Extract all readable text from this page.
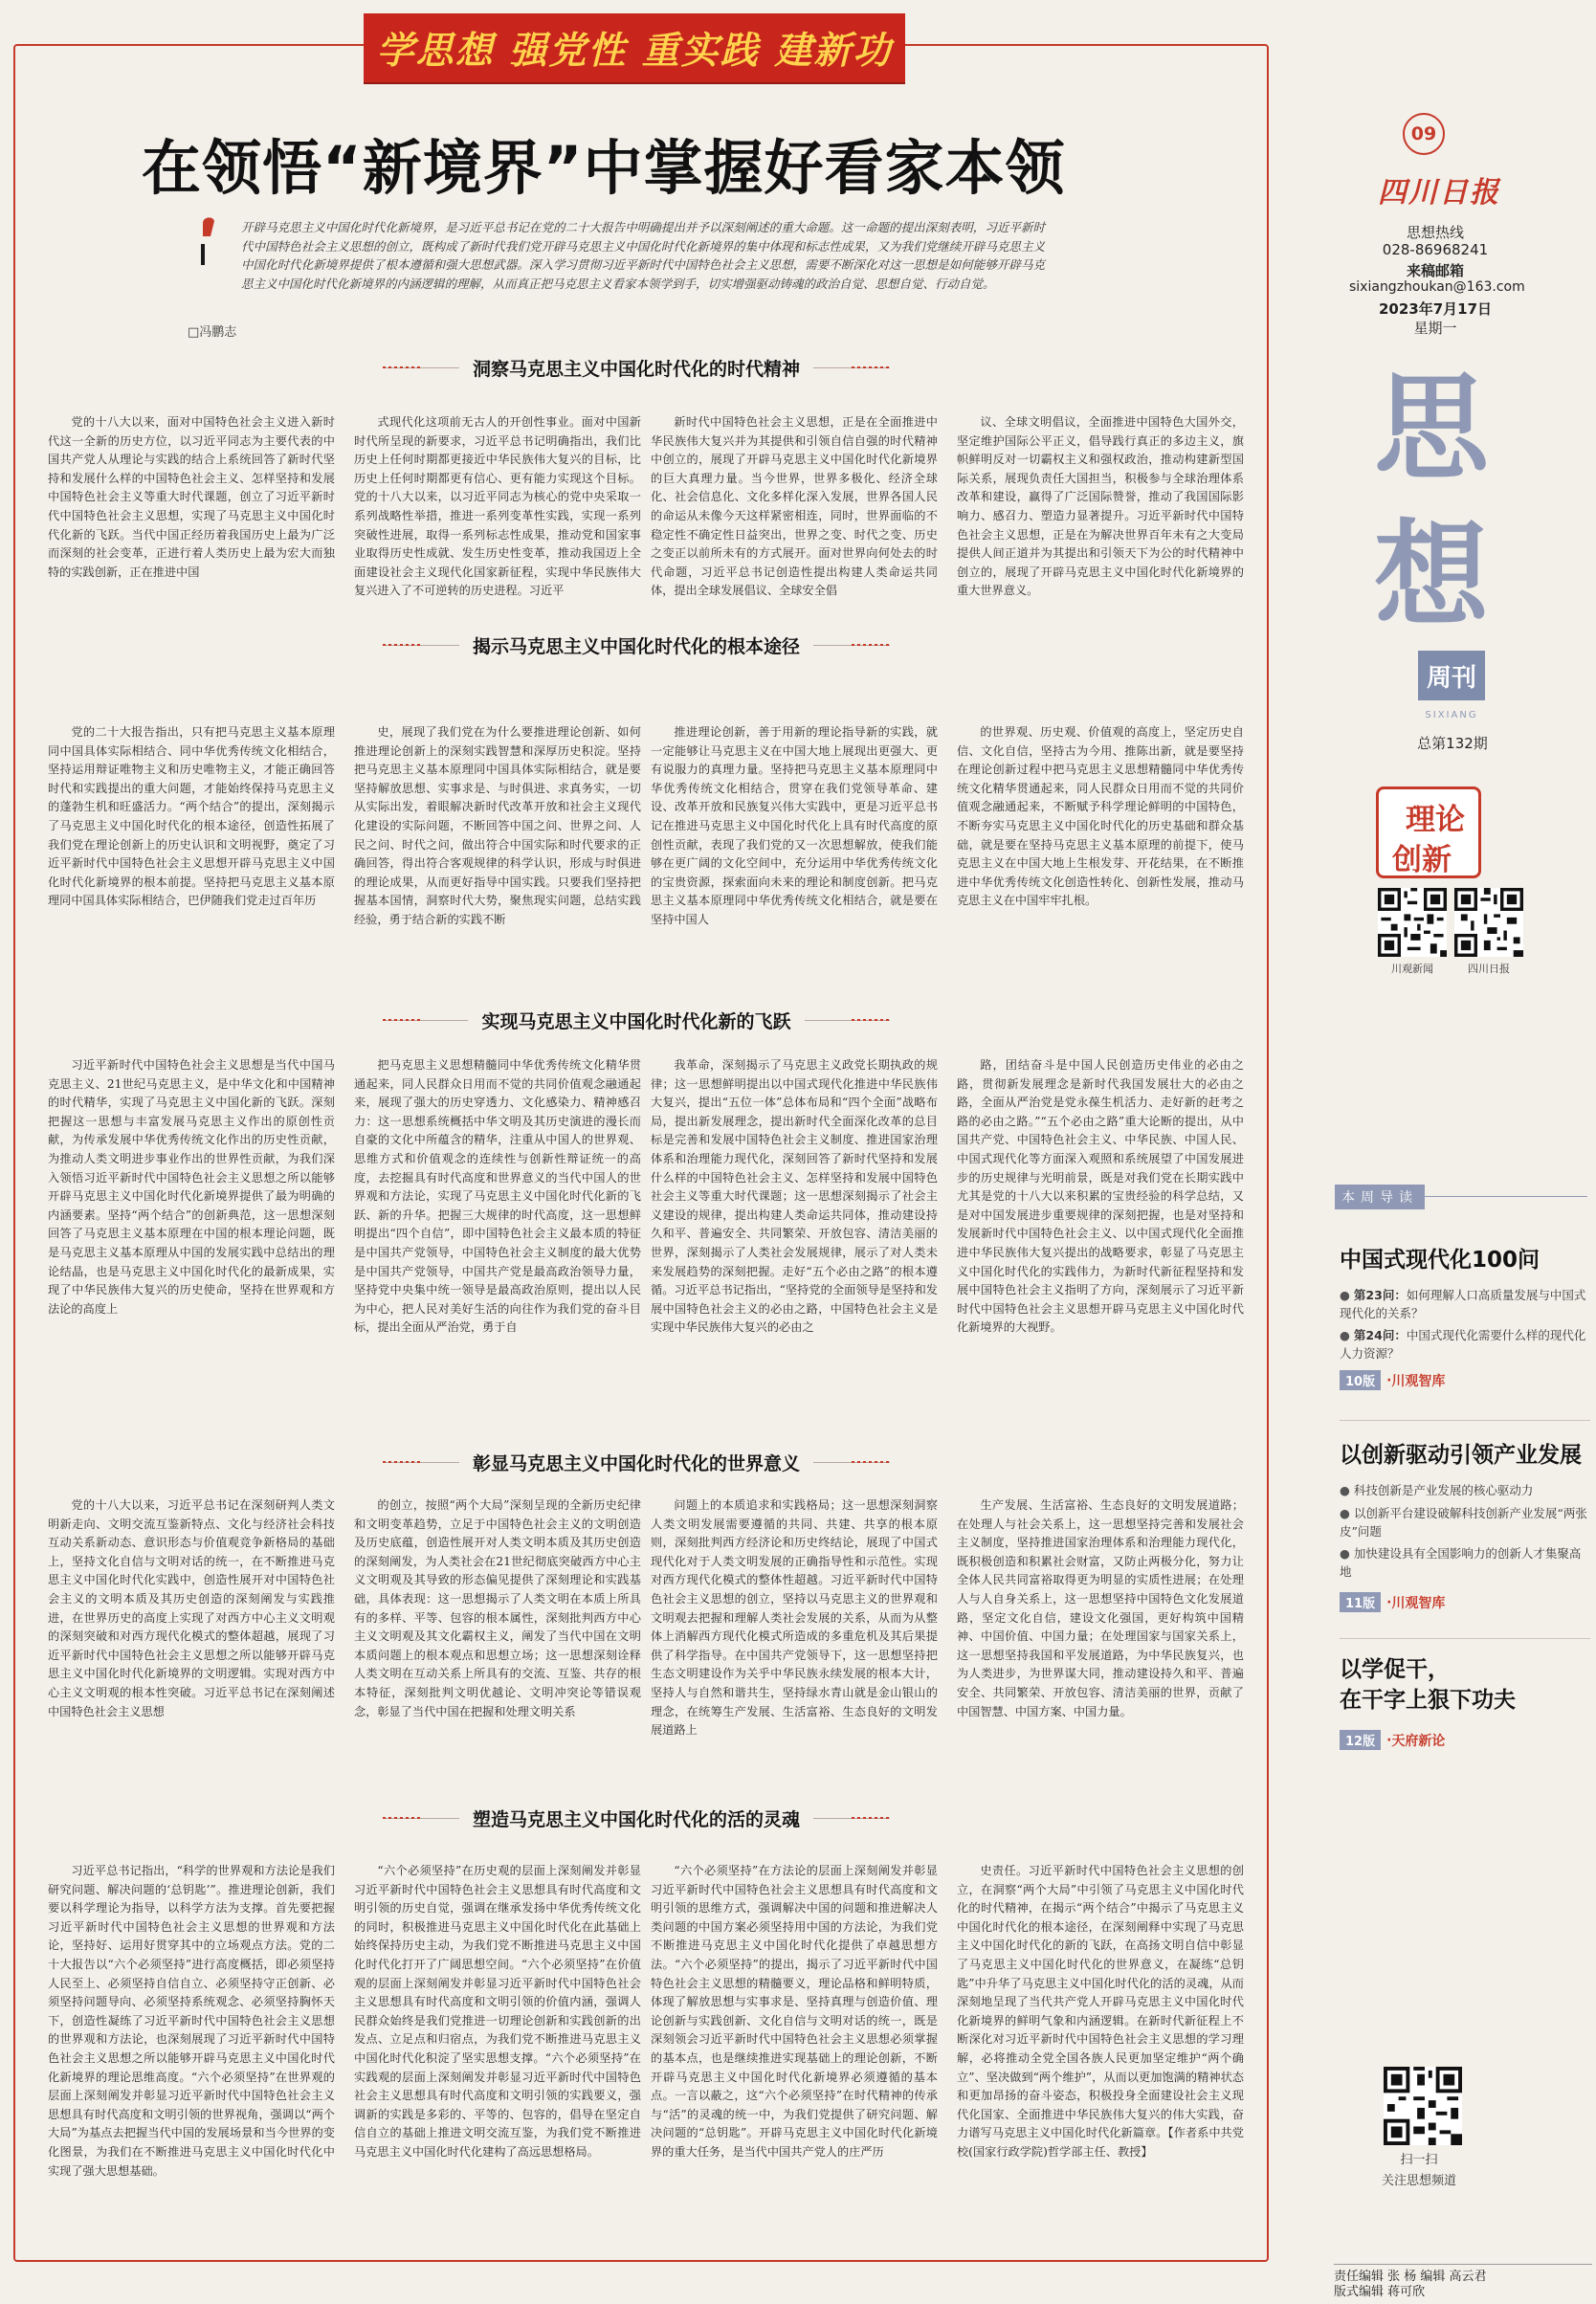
学思想 强党性 重实践 建新功
在领悟“新境界”中掌握好看家本领
开辟马克思主义中国化时代化新境界，是习近平总书记在党的二十大报告中明确提出并予以深刻阐述的重大命题。这一命题的提出深刻表明，习近平新时代中国特色社会主义思想的创立，既构成了新时代我们党开辟马克思主义中国化时代化新境界的集中体现和标志性成果，又为我们党继续开辟马克思主义中国化时代化新境界提供了根本遵循和强大思想武器。深入学习贯彻习近平新时代中国特色社会主义思想，需要不断深化对这一思想是如何能够开辟马克思主义中国化时代化新境界的内涵逻辑的理解，从而真正把马克思主义看家本领学到手，切实增强驱动铸魂的政治自觉、思想自觉、行动自觉。
□冯鹏志
洞察马克思主义中国化时代化的时代精神
党的十八大以来，面对中国特色社会主义进入新时代这一全新的历史方位，以习近平同志为主要代表的中国共产党人从理论与实践的结合上系统回答了新时代坚持和发展什么样的中国特色社会主义、怎样坚持和发展中国特色社会主义等重大时代课题，创立了习近平新时代中国特色社会主义思想，实现了马克思主义中国化时代化新的飞跃。当代中国正经历着我国历史上最为广泛而深刻的社会变革，正进行着人类历史上最为宏大而独特的实践创新，正在推进中国
式现代化这项前无古人的开创性事业。面对中国新时代所呈现的新要求，习近平总书记明确指出，我们比历史上任何时期都更接近中华民族伟大复兴的目标，比历史上任何时期都更有信心、更有能力实现这个目标。党的十八大以来，以习近平同志为核心的党中央采取一系列战略性举措，推进一系列变革性实践，实现一系列突破性进展，取得一系列标志性成果，推动党和国家事业取得历史性成就、发生历史性变革，推动我国迈上全面建设社会主义现代化国家新征程，实现中华民族伟大复兴进入了不可逆转的历史进程。习近平
新时代中国特色社会主义思想，正是在全面推进中华民族伟大复兴并为其提供和引领自信自强的时代精神中创立的，展现了开辟马克思主义中国化时代化新境界的巨大真理力量。当今世界，世界多极化、经济全球化、社会信息化、文化多样化深入发展，世界各国人民的命运从未像今天这样紧密相连，同时，世界面临的不稳定性不确定性日益突出，世界之变、时代之变、历史之变正以前所未有的方式展开。面对世界向何处去的时代命题，习近平总书记创造性提出构建人类命运共同体，提出全球发展倡议、全球安全倡
议、全球文明倡议，全面推进中国特色大国外交，坚定维护国际公平正义，倡导践行真正的多边主义，旗帜鲜明反对一切霸权主义和强权政治，推动构建新型国际关系，展现负责任大国担当，积极参与全球治理体系改革和建设，赢得了广泛国际赞誉，推动了我国国际影响力、感召力、塑造力显著提升。习近平新时代中国特色社会主义思想，正是在为解决世界百年未有之大变局提供人间正道并为其提出和引领天下为公的时代精神中创立的，展现了开辟马克思主义中国化时代化新境界的重大世界意义。
揭示马克思主义中国化时代化的根本途径
党的二十大报告指出，只有把马克思主义基本原理同中国具体实际相结合、同中华优秀传统文化相结合，坚持运用辩证唯物主义和历史唯物主义，才能正确回答时代和实践提出的重大问题，才能始终保持马克思主义的蓬勃生机和旺盛活力。“两个结合”的提出，深刻揭示了马克思主义中国化时代化的根本途径，创造性拓展了我们党在理论创新上的历史认识和文明视野，奠定了习近平新时代中国特色社会主义思想开辟马克思主义中国化时代化新境界的根本前提。坚持把马克思主义基本原理同中国具体实际相结合，巴伊随我们党走过百年历
史，展现了我们党在为什么要推进理论创新、如何推进理论创新上的深刻实践智慧和深厚历史积淀。坚持把马克思主义基本原理同中国具体实际相结合，就是要坚持解放思想、实事求是、与时俱进、求真务实，一切从实际出发，着眼解决新时代改革开放和社会主义现代化建设的实际问题，不断回答中国之问、世界之问、人民之问、时代之问，做出符合中国实际和时代要求的正确回答，得出符合客观规律的科学认识，形成与时俱进的理论成果，从而更好指导中国实践。只要我们坚持把握基本国情，洞察时代大势，聚焦现实问题，总结实践经验，勇于结合新的实践不断
推进理论创新，善于用新的理论指导新的实践，就一定能够让马克思主义在中国大地上展现出更强大、更有说服力的真理力量。坚持把马克思主义基本原理同中华优秀传统文化相结合，贯穿在我们党领导革命、建设、改革开放和民族复兴伟大实践中，更是习近平总书记在推进马克思主义中国化时代化上具有时代高度的原创性贡献，表现了我们党的又一次思想解放，使我们能够在更广阔的文化空间中，充分运用中华优秀传统文化的宝贵资源，探索面向未来的理论和制度创新。把马克思主义基本原理同中华优秀传统文化相结合，就是要在坚持中国人
的世界观、历史观、价值观的高度上，坚定历史自信、文化自信，坚持古为今用、推陈出新，就是要坚持在理论创新过程中把马克思主义思想精髓同中华优秀传统文化精华贯通起来，同人民群众日用而不觉的共同价值观念融通起来，不断赋予科学理论鲜明的中国特色，不断夯实马克思主义中国化时代化的历史基础和群众基础，就是要在坚持马克思主义基本原理的前提下，使马克思主义在中国大地上生根发芽、开花结果，在不断推进中华优秀传统文化创造性转化、创新性发展，推动马克思主义在中国牢牢扎根。
实现马克思主义中国化时代化新的飞跃
习近平新时代中国特色社会主义思想是当代中国马克思主义、21世纪马克思主义，是中华文化和中国精神的时代精华，实现了马克思主义中国化新的飞跃。深刻把握这一思想与丰富发展马克思主义作出的原创性贡献，为传承发展中华优秀传统文化作出的历史性贡献，为推动人类文明进步事业作出的世界性贡献，为我们深入领悟习近平新时代中国特色社会主义思想之所以能够开辟马克思主义中国化时代化新境界提供了最为明确的内涵要素。坚持“两个结合”的创新典范，这一思想深刻回答了马克思主义基本原理在中国的根本理论问题，既是马克思主义基本原理从中国的发展实践中总结出的理论结晶，也是马克思主义中国化时代化的最新成果，实现了中华民族伟大复兴的历史使命，坚持在世界观和方法论的高度上
把马克思主义思想精髓同中华优秀传统文化精华贯通起来，同人民群众日用而不觉的共同价值观念融通起来，展现了强大的历史穿透力、文化感染力、精神感召力：这一思想系统概括中华文明及其历史演进的漫长而自豪的文化中所蕴含的精华，注重从中国人的世界观、思维方式和价值观念的连续性与创新性辩证统一的高度，去挖掘具有时代高度和世界意义的当代中国人的世界观和方法论，实现了马克思主义中国化时代化新的飞跃、新的升华。把握三大规律的时代高度，这一思想鲜明提出“四个自信”，即中国特色社会主义最本质的特征是中国共产党领导，中国特色社会主义制度的最大优势是中国共产党领导，中国共产党是最高政治领导力量，坚持党中央集中统一领导是最高政治原则，提出以人民为中心，把人民对美好生活的向往作为我们党的奋斗目标，提出全面从严治党，勇于自
我革命，深刻揭示了马克思主义政党长期执政的规律；这一思想鲜明提出以中国式现代化推进中华民族伟大复兴，提出“五位一体”总体布局和“四个全面”战略布局，提出新发展理念，提出新时代全面深化改革的总目标是完善和发展中国特色社会主义制度、推进国家治理体系和治理能力现代化，深刻回答了新时代坚持和发展什么样的中国特色社会主义、怎样坚持和发展中国特色社会主义等重大时代课题；这一思想深刻揭示了社会主义建设的规律，提出构建人类命运共同体，推动建设持久和平、普遍安全、共同繁荣、开放包容、清洁美丽的世界，深刻揭示了人类社会发展规律，展示了对人类未来发展趋势的深刻把握。走好“五个必由之路”的根本遵循。习近平总书记指出，“坚持党的全面领导是坚持和发展中国特色社会主义的必由之路，中国特色社会主义是实现中华民族伟大复兴的必由之
路，团结奋斗是中国人民创造历史伟业的必由之路，贯彻新发展理念是新时代我国发展壮大的必由之路，全面从严治党是党永葆生机活力、走好新的赶考之路的必由之路。”“五个必由之路”重大论断的提出，从中国共产党、中国特色社会主义、中华民族、中国人民、中国式现代化等方面深入观照和系统展望了中国发展进步的历史规律与光明前景，既是对我们党在长期实践中尤其是党的十八大以来积累的宝贵经验的科学总结，又是对中国发展进步重要规律的深刻把握，也是对坚持和发展新时代中国特色社会主义、以中国式现代化全面推进中华民族伟大复兴提出的战略要求，彰显了马克思主义中国化时代化的实践伟力，为新时代新征程坚持和发展中国特色社会主义指明了方向，深刻展示了习近平新时代中国特色社会主义思想开辟马克思主义中国化时代化新境界的大视野。
彰显马克思主义中国化时代化的世界意义
党的十八大以来，习近平总书记在深刻研判人类文明新走向、文明交流互鉴新特点、文化与经济社会科技互动关系新动态、意识形态与价值观竞争新格局的基础上，坚持文化自信与文明对话的统一，在不断推进马克思主义中国化时代化实践中，创造性展开对中国特色社会主义的文明本质及其历史创造的深刻阐发与实践推进，在世界历史的高度上实现了对西方中心主义文明观的深刻突破和对西方现代化模式的整体超越，展现了习近平新时代中国特色社会主义思想之所以能够开辟马克思主义中国化时代化新境界的文明逻辑。实现对西方中心主义文明观的根本性突破。习近平总书记在深刻阐述中国特色社会主义思想
的创立，按照“两个大局”深刻呈现的全新历史纪律和文明变革趋势，立足于中国特色社会主义的文明创造及历史底蕴，创造性展开对人类文明本质及其历史创造的深刻阐发，为人类社会在21世纪彻底突破西方中心主义文明观及其导致的形态偏见提供了深刻理论和实践基础，具体表现：这一思想揭示了人类文明在本质上所具有的多样、平等、包容的根本属性，深刻批判西方中心主义文明观及其文化霸权主义，阐发了当代中国在文明本质问题上的根本观点和思想立场；这一思想深刻诠释人类文明在互动关系上所具有的交流、互鉴、共存的根本特征，深刻批判文明优越论、文明冲突论等错误观念，彰显了当代中国在把握和处理文明关系
问题上的本质追求和实践格局；这一思想深刻洞察人类文明发展需要遵循的共同、共建、共享的根本原则，深刻批判西方经济论和历史终结论，展现了中国式现代化对于人类文明发展的正确指导性和示范性。实现对西方现代化模式的整体性超越。习近平新时代中国特色社会主义思想的创立，坚持以马克思主义的世界观和文明观去把握和理解人类社会发展的关系，从而为从整体上消解西方现代化模式所造成的多重危机及其后果提供了科学指导。在中国共产党领导下，这一思想坚持把生态文明建设作为关乎中华民族永续发展的根本大计，坚持人与自然和谐共生，坚持绿水青山就是金山银山的理念，在统筹生产发展、生活富裕、生态良好的文明发展道路上
生产发展、生活富裕、生态良好的文明发展道路；在处理人与社会关系上，这一思想坚持完善和发展社会主义制度，坚持推进国家治理体系和治理能力现代化，既积极创造和积累社会财富，又防止两极分化，努力让全体人民共同富裕取得更为明显的实质性进展；在处理人与人自身关系上，这一思想坚持中国特色文化发展道路，坚定文化自信，建设文化强国，更好构筑中国精神、中国价值、中国力量；在处理国家与国家关系上，这一思想坚持我国和平发展道路，为中华民族复兴，也为人类进步，为世界谋大同，推动建设持久和平、普遍安全、共同繁荣、开放包容、清洁美丽的世界，贡献了中国智慧、中国方案、中国力量。
塑造马克思主义中国化时代化的活的灵魂
习近平总书记指出，“科学的世界观和方法论是我们研究问题、解决问题的‘总钥匙’”。推进理论创新，我们要以科学理论为指导，以科学方法为支撑。首先要把握习近平新时代中国特色社会主义思想的世界观和方法论，坚持好、运用好贯穿其中的立场观点方法。党的二十大报告以“六个必须坚持”进行高度概括，即必须坚持人民至上、必须坚持自信自立、必须坚持守正创新、必须坚持问题导向、必须坚持系统观念、必须坚持胸怀天下，创造性凝练了习近平新时代中国特色社会主义思想的世界观和方法论，也深刻展现了习近平新时代中国特色社会主义思想之所以能够开辟马克思主义中国化时代化新境界的理论思维高度。“六个必须坚持”在世界观的层面上深刻阐发并彰显习近平新时代中国特色社会主义思想具有时代高度和文明引领的世界视角，强调以“两个大局”为基点去把握当代中国的发展场景和当今世界的变化图景，为我们在不断推进马克思主义中国化时代化中实现了强大思想基础。
“六个必须坚持”在历史观的层面上深刻阐发并彰显习近平新时代中国特色社会主义思想具有时代高度和文明引领的历史自觉，强调在继承发扬中华优秀传统文化的同时，积极推进马克思主义中国化时代化在此基础上始终保持历史主动，为我们党不断推进马克思主义中国化时代化打开了广阔思想空间。“六个必须坚持”在价值观的层面上深刻阐发并彰显习近平新时代中国特色社会主义思想具有时代高度和文明引领的价值内涵，强调人民群众始终是我们党推进一切理论创新和实践创新的出发点、立足点和归宿点，为我们党不断推进马克思主义中国化时代化积淀了坚实思想支撑。“六个必须坚持”在实践观的层面上深刻阐发并彰显习近平新时代中国特色社会主义思想具有时代高度和文明引领的实践要义，强调新的实践是多彩的、平等的、包容的，倡导在坚定自信自立的基础上推进文明交流互鉴，为我们党不断推进马克思主义中国化时代化建构了高远思想格局。
“六个必须坚持”在方法论的层面上深刻阐发并彰显习近平新时代中国特色社会主义思想具有时代高度和文明引领的思维方式，强调解决中国的问题和推进解决人类问题的中国方案必须坚持用中国的方法论，为我们党不断推进马克思主义中国化时代化提供了卓越思想方法。“六个必须坚持”的提出，揭示了习近平新时代中国特色社会主义思想的精髓要义，理论品格和鲜明特质，体现了解放思想与实事求是、坚持真理与创造价值、理论创新与实践创新、文化自信与文明对话的统一，既是深刻领会习近平新时代中国特色社会主义思想必须掌握的基本点，也是继续推进实现基础上的理论创新，不断开辟马克思主义中国化时代化新境界必须遵循的基本点。一言以蔽之，这“六个必须坚持”在时代精神的传承与“活”的灵魂的统一中，为我们党提供了研究问题、解决问题的“总钥匙”。开辟马克思主义中国化时代化新境界的重大任务，是当代中国共产党人的庄严历
史责任。习近平新时代中国特色社会主义思想的创立，在洞察“两个大局”中引领了马克思主义中国化时代化的时代精神，在揭示“两个结合”中揭示了马克思主义中国化时代化的根本途径，在深刻阐释中实现了马克思主义中国化时代化的新的飞跃，在高扬文明自信中彰显了马克思主义中国化时代化的世界意义，在凝练“总钥匙”中升华了马克思主义中国化时代化的活的灵魂，从而深刻地呈现了当代共产党人开辟马克思主义中国化时代化新境界的鲜明气象和内涵逻辑。在新时代新征程上不断深化对习近平新时代中国特色社会主义思想的学习理解，必将推动全党全国各族人民更加坚定维护“两个确立”、坚决做到“两个维护”，从而以更加饱满的精神状态和更加昂扬的奋斗姿态，积极投身全面建设社会主义现代化国家、全面推进中华民族伟大复兴的伟大实践，奋力谱写马克思主义中国化时代化新篇章。【作者系中共党校(国家行政学院)哲学部主任、教授】
09
四川日报
思想热线
028-86968241
来稿邮箱
sixiangzhoukan@163.com
2023年7月17日
星期一
思
想
周刊
SIXIANG
总第132期
理论
创新
川观新闻	四川日报
本周导读
中国式现代化100问
● 第23问：如何理解人口高质量发展与中国式现代化的关系？
● 第24问：中国式现代化需要什么样的现代化人力资源？
10版 · 川观智库
以创新驱动引领产业发展
● 科技创新是产业发展的核心驱动力
● 以创新平台建设破解科技创新产业发展“两张皮”问题
● 加快建设具有全国影响力的创新人才集聚高地
11版 · 川观智库
以学促干，
在干字上狠下功夫
12版 · 天府新论
扫一扫
关注思想频道
责任编辑 张 杨 编辑 高云君
版式编辑 蒋可欣
